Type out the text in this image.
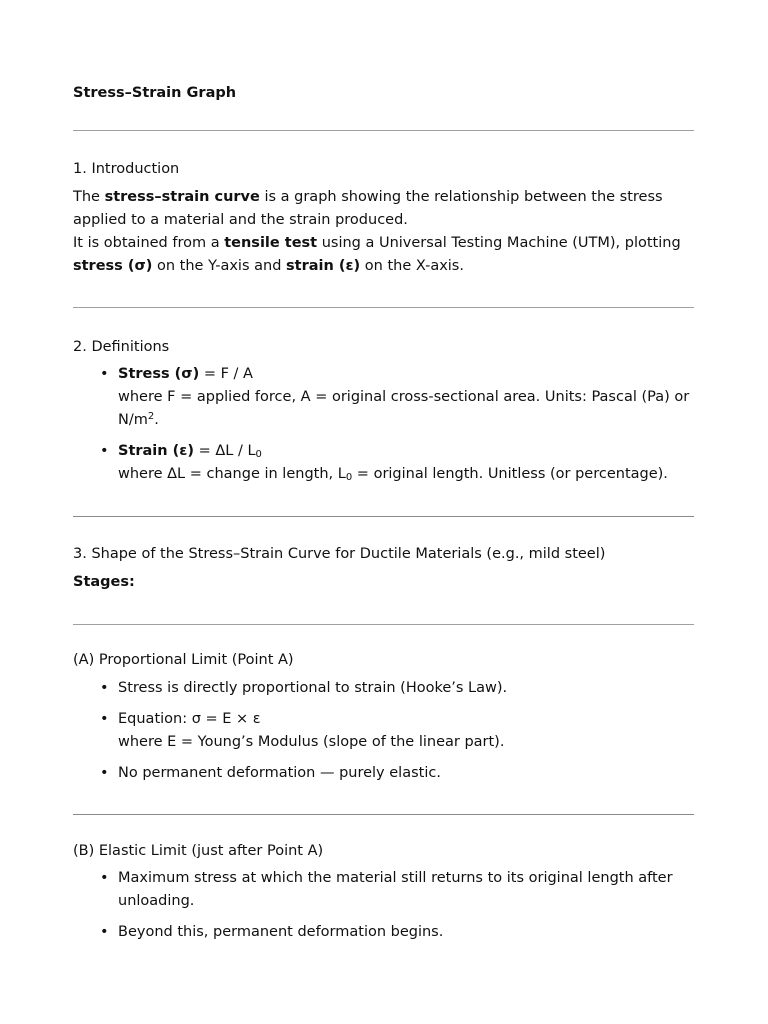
Stress–Strain Graph

1. Introduction

The stress–strain curve is a graph showing the relationship between the stress applied to a material and the strain produced.

It is obtained from a tensile test using a Universal Testing Machine (UTM), plotting stress (σ) on the Y-axis and strain (ε) on the X-axis.

2. Definitions

• Stress (σ) = F / A
where F = applied force, A = original cross-sectional area. Units: Pascal (Pa) or $N/m^2$.
• Strain $(\varepsilon) = \Delta L / L_0$
where ΔL = change in length, $L_0$ = original length. Unitless (or percentage).

3. Shape of the Stress–Strain Curve for Ductile Materials (e.g., mild steel)

Stages:

(A) Proportional Limit (Point A)

• Stress is directly proportional to strain (Hooke’s Law).
• Equation: σ = E × ε
where E = Young’s Modulus (slope of the linear part).
• No permanent deformation — purely elastic.

(B) Elastic Limit (just after Point A)

• Maximum stress at which the material still returns to its original length after unloading.
• Beyond this, permanent deformation begins.
